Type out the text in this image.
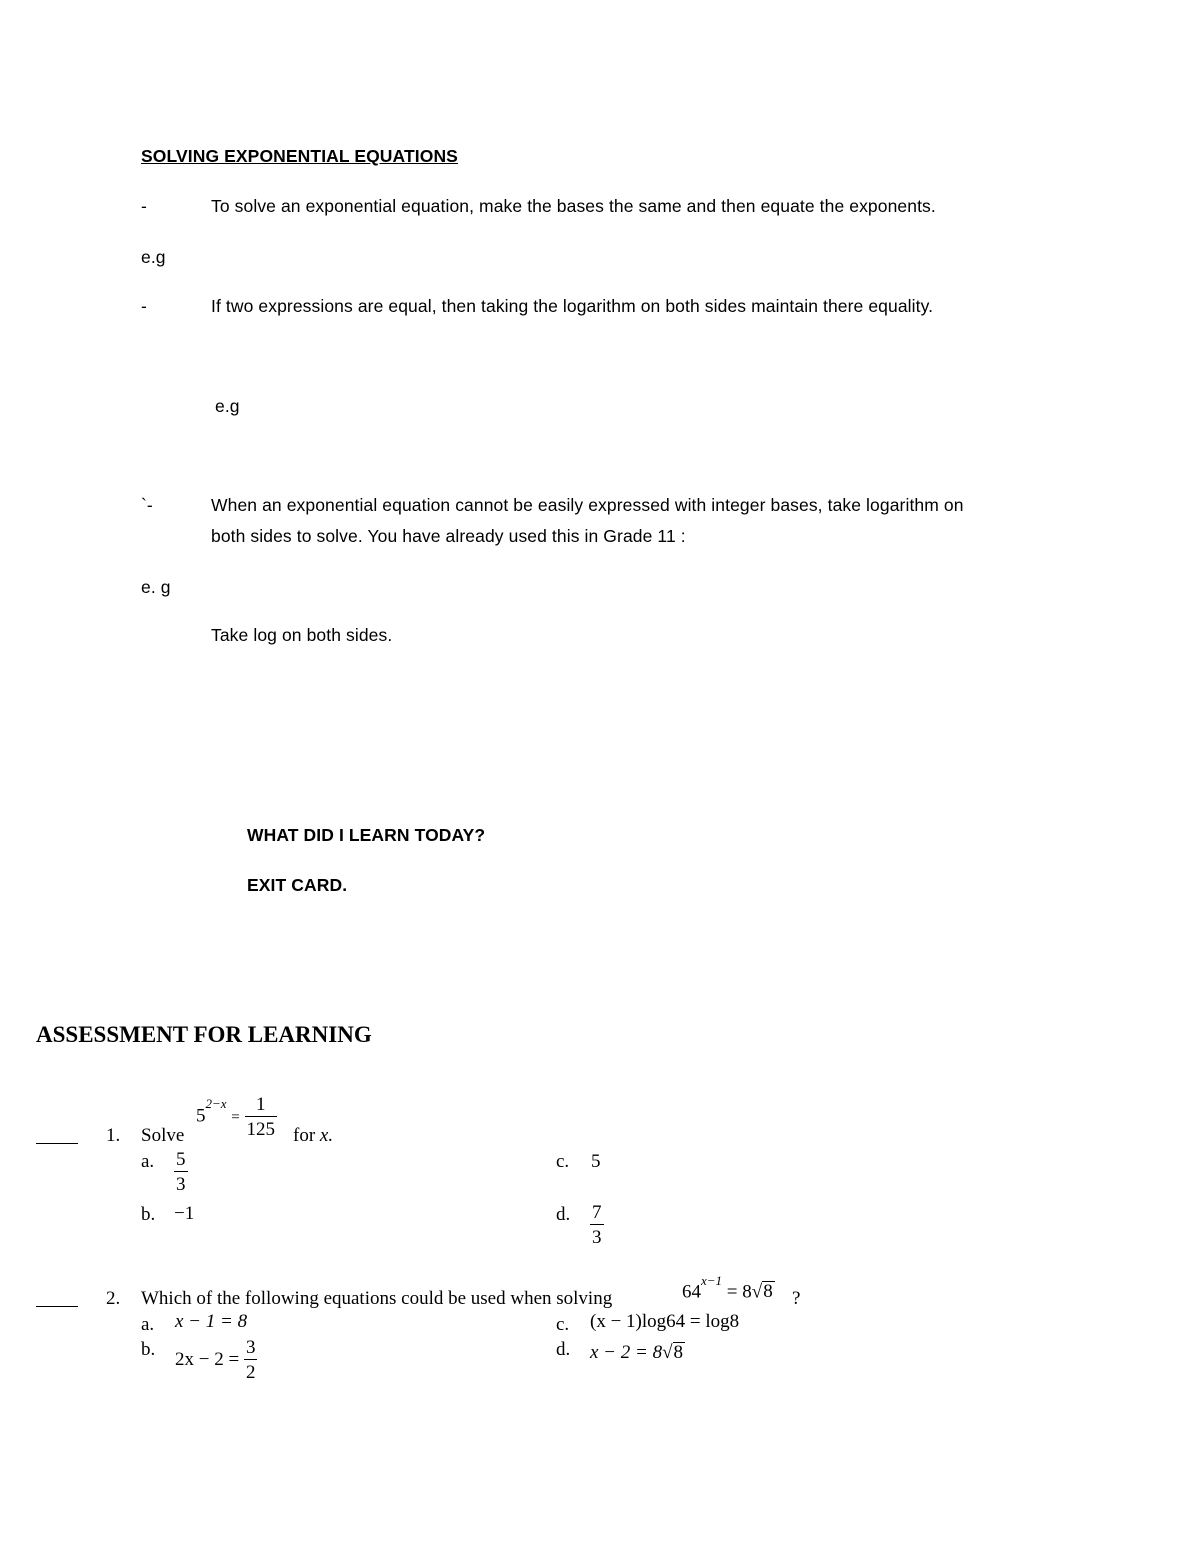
SOLVING EXPONENTIAL EQUATIONS
-	To solve an exponential equation, make the bases the same and then equate the exponents.
e.g
-	If two expressions are equal, then taking the logarithm on both sides maintain there equality.
e.g
`-	When an exponential equation cannot be easily expressed with integer bases, take logarithm on
both sides to solve. You have already used this in Grade 11 :
e. g
Take log on both sides.
WHAT DID I LEARN TODAY?
EXIT CARD.
ASSESSMENT FOR LEARNING
1. Solve
$5^{2-x} = \frac{1}{125}$ for x.
a. $\frac{5}{3}$	c. 5
b. −1	d. $\frac{7}{3}$
2. Which of the following equations could be used when solving	$64^{x-1} = 8√8$ ?
a. x − 1 = 8	c. (x − 1)log64 = log8
b. $2x - 2 = \frac{3}{2}$	d. x − 2 = 8√8
